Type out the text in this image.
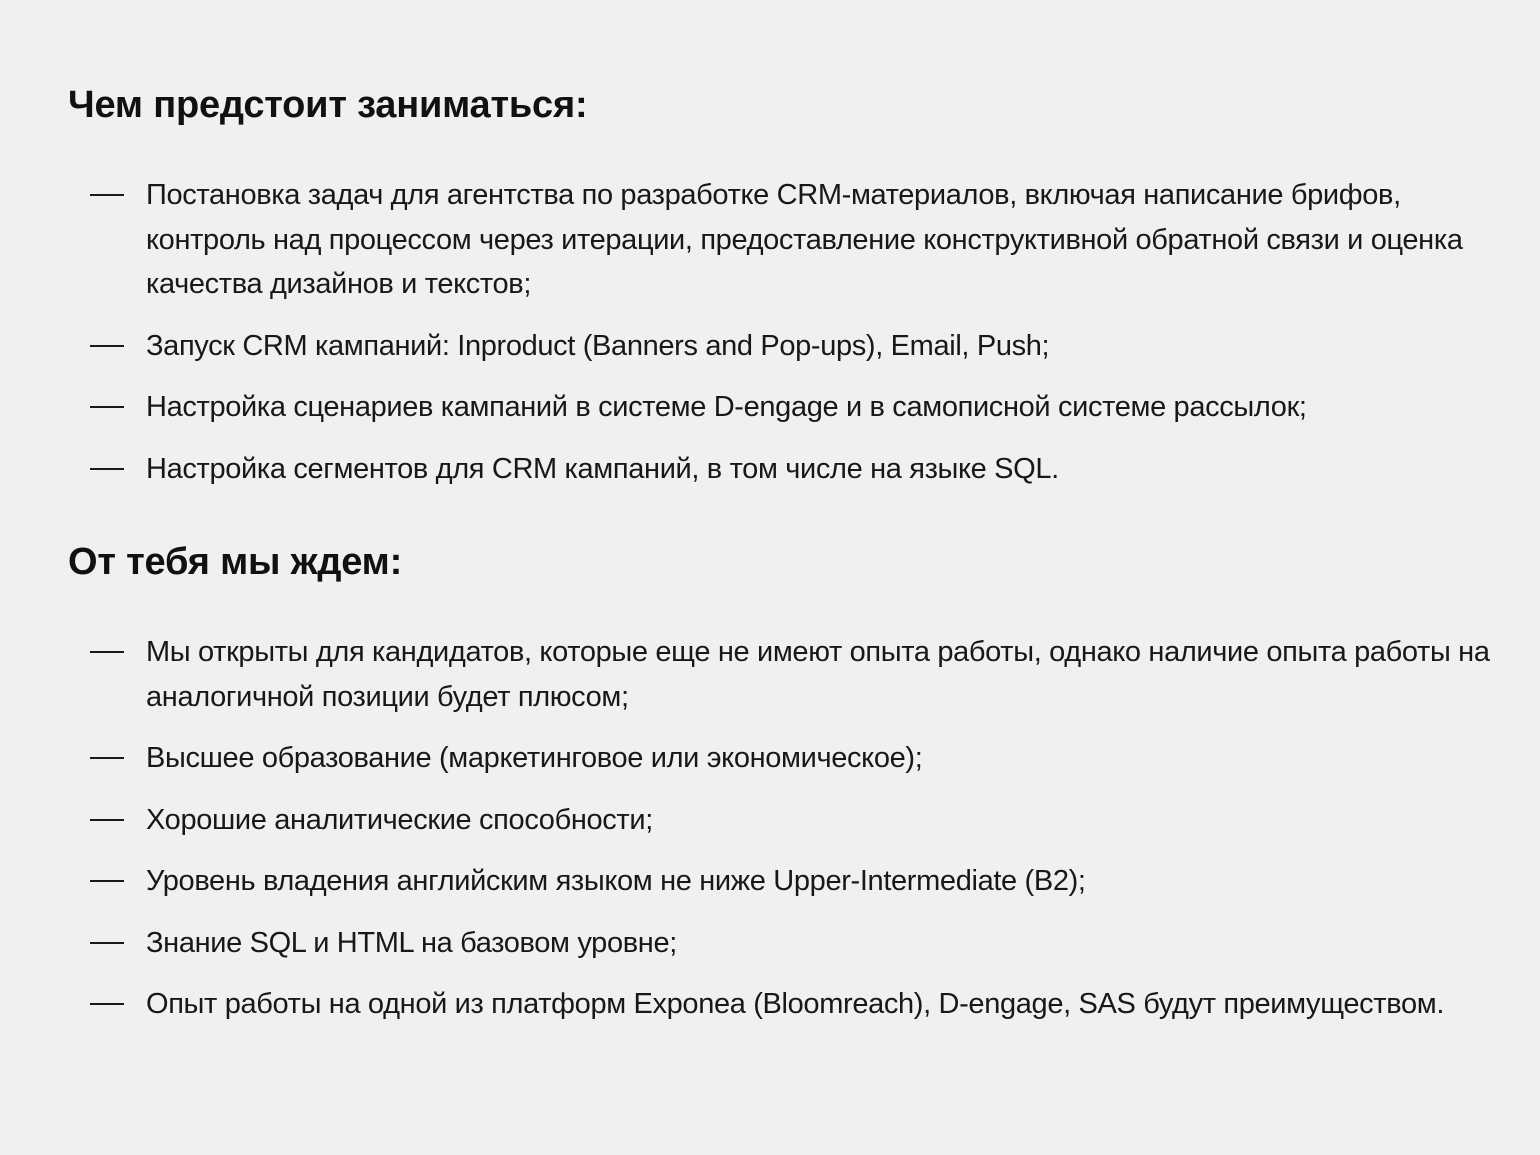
Чем предстоит заниматься:
Постановка задач для агентства по разработке CRM-материалов, включая написание брифов, контроль над процессом через итерации, предоставление конструктивной обратной связи и оценка качества дизайнов и текстов;
Запуск CRM кампаний: Inproduct (Banners and Pop-ups), Email, Push;
Настройка сценариев кампаний в системе D-engage и в самописной системе рассылок;
Настройка сегментов для CRM кампаний, в том числе на языке SQL.
От тебя мы ждем:
Мы открыты для кандидатов, которые еще не имеют опыта работы, однако наличие опыта работы на аналогичной позиции будет плюсом;
Высшее образование (маркетинговое или экономическое);
Хорошие аналитические способности;
Уровень владения английским языком не ниже Upper-Intermediate (B2);
Знание SQL и HTML на базовом уровне;
Опыт работы на одной из платформ Exponea (Bloomreach), D-engage, SAS будут преимуществом.
